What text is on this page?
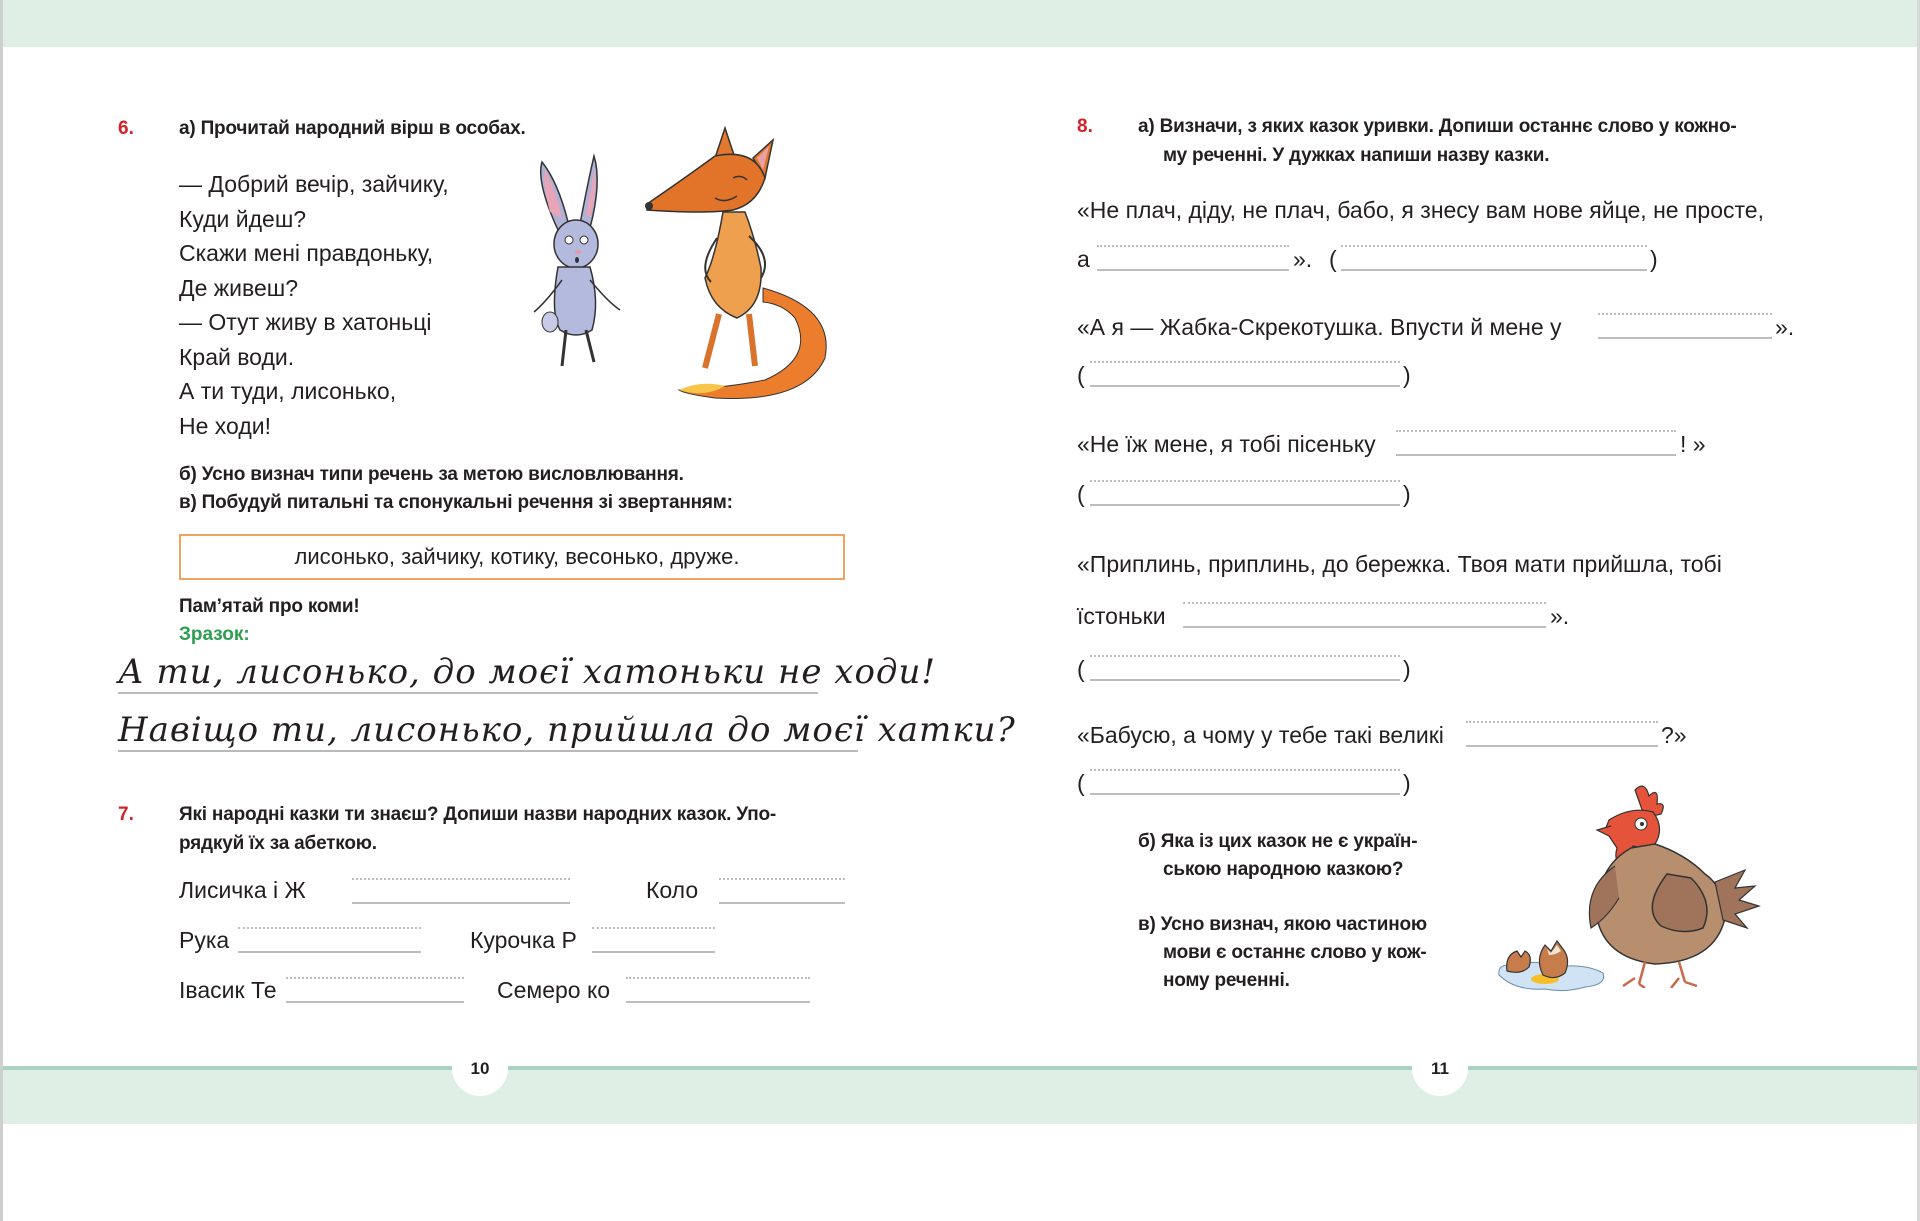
10	11
6. а) Прочитай народний вірш в особах.
— Добрий вечір, зайчику,
Куди йдеш?
Скажи мені правдоньку,
Де живеш?
— Отут живу в хатоньці
Край води.
А ти туди, лисонько,
Не ходи!
б) Усно визнач типи речень за метою висловлювання.
в) Побудуй питальні та спонукальні речення зі звертанням:
лисонько, зайчику, котику, весонько, друже.
Пам’ятай про коми!
Зразок:
А ти, лисонько, до моєї хатоньки не ходи!
Навіщо ти, лисонько, прийшла до моєї хатки?
7. Які народні казки ти знаєш? Допиши назви народних казок. Упо-
рядкуй їх за абеткою.
Лисичка і Ж	Коло
Рука	Курочка Р
Івасик Те	Семеро ко
8. а) Визначи, з яких казок уривки. Допиши останнє слово у кожно-
му реченні. У дужках напиши назву казки.
«Не плач, діду, не плач, бабо, я знесу вам нове яйце, не просте,
а	». (	)
«А я — Жабка-Скрекотушка. Впусти й мене у	».
(	)
«Не їж мене, я тобі пісеньку	! »
(	)
«Приплинь, приплинь, до бережка. Твоя мати прийшла, тобі
їстоньки	».
(	)
«Бабусю, а чому у тебе такі великі	?»
(	)
б) Яка із цих казок не є україн-
ською народною казкою?
в) Усно визнач, якою частиною
мови є останнє слово у кож-
ному реченні.
